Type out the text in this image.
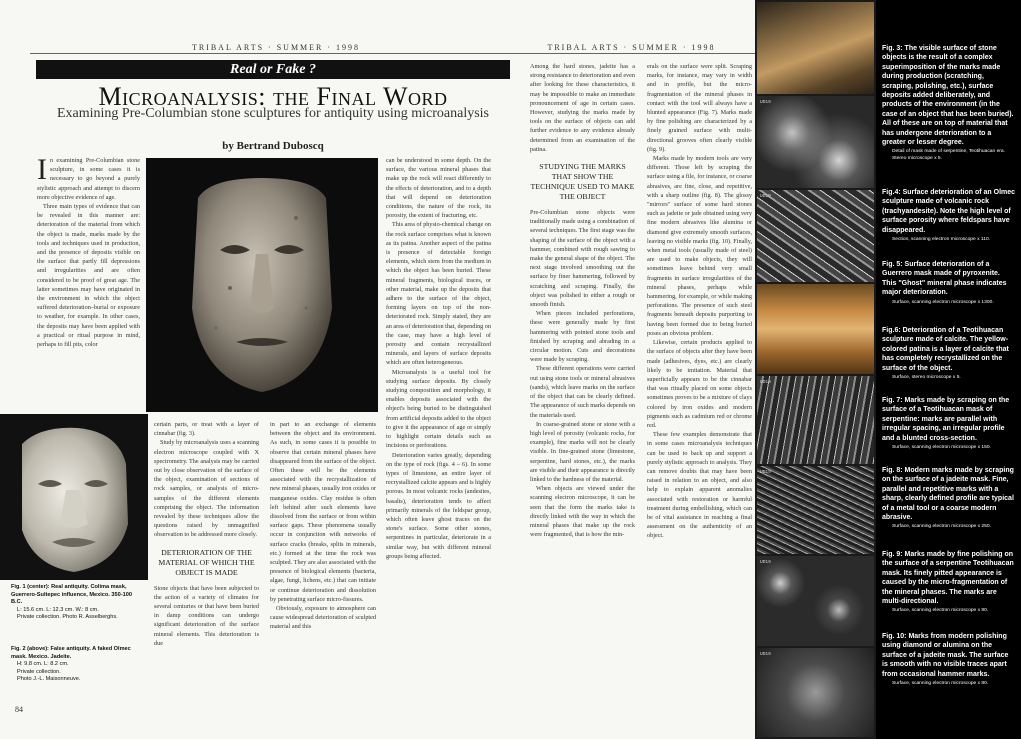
TRIBAL ARTS · SUMMER · 1998
Real or Fake ?
Microanalysis: the Final Word
Examining Pre-Columbian stone sculptures for antiquity using microanalysis
by Bertrand Duboscq
I n examining Pre-Columbian stone sculpture, in some cases it is necessary to go beyond a purely stylistic approach and attempt to discern more objective evidence of age.

Three main types of evidence that can be revealed in this manner are: deterioration of the material from which the object is made, marks made by the tools and techniques used in production, and the presence of deposits visible on the surface that partly fill depressions and irregularities and are often considered to be proof of great age. The latter sometimes may have originated in the environment in which the object suffered deterioration–burial or exposure to weather, for example. In other cases, the deposits may have been applied with a practical or ritual purpose in mind, perhaps to fill pits, color

can be understood in some depth. On the surface, the various mineral phases that make up the rock will react differently to the effects of deterioration, and to a depth that will depend on deterioration conditions, the nature of the rock, its porosity, the extent of fracturing, etc.

This area of physio-chemical change on the rock surface comprises what is known as its patina. Another aspect of the patina is presence of detectable foreign elements, which stem from the medium in which the object has been buried. These mineral fragments, biological traces, or other material, make up the deposits that adhere to the surface of the object, forming layers on top of the non-deteriorated rock. Simply stated, they are an area of deterioration that, depending on the case, may have a high level of porosity and contain recrystallized minerals, and layers of surface deposits which are often heterogeneous.

Microanalysis is a useful tool for studying surface deposits. By closely studying composition and morphology, it enables deposits associated with the object's being buried to be distinguished from artificial deposits added to the object to give it the appearance of age or simply to highlight certain details such as incisions or perforations.

Deterioration varies greatly, depending on the type of rock (figs. 4 – 6). In some types of limestone, an entire layer of recrystallized calcite appears and is highly porous. In most volcanic rocks (andesites, basalts), deterioration tends to affect primarily minerals of the feldspar group, which often leave ghost traces on the stone's surface. Some other stones, serpentines in particular, deteriorate in a similar way, but with different mineral groups being affected.

Fig. 1 (center): Real antiquity. Colima mask, Guerrero-Sultepec influence, Mexico. 350-100 B.C.
L: 15.6 cm. L: 12.3 cm. W.: 8 cm.
Private collection. Photo R. Asselberghs.
Fig. 2 (above): False antiquity. A faked Olmec mask. Mexico. Jadeite.
H: 9.8 cm. L: 8.2 cm.
Private collection.
Photo J.-L. Maisonneuve.

certain parts, or treat with a layer of cinnabar (fig. 3).

Study by microanalysis uses a scanning electron microscope coupled with X spectrometry. The analysis may be carried out by close observation of the surface of the object, examination of sections of rock samples, or analysis of micro-samples of the different elements comprising the object. The information revealed by these techniques allow the questions raised by unmagnified observation to be addressed more closely.

DETERIORATION OF THE MATERIAL OF WHICH THE OBJECT IS MADE

Stone objects that have been subjected to the action of a variety of climates for several centuries or that have been buried in damp conditions can undergo significant deterioration of the surface mineral elements. This deterioration is due

in part to an exchange of elements between the object and its environment. As such, in some cases it is possible to observe that certain mineral phases have disappeared from the surface of the object. Often these will be the elements associated with the recrystallization of new mineral phases, usually iron oxides or manganese oxides. Clay residue is often left behind after such elements have dissolved from the surface or from within surface gaps. These phenomena usually occur in conjunction with networks of surface cracks (breaks, splits in minerals, etc.) formed at the time the rock was sculpted. They are also associated with the presence of biological elements (bacteria, algae, fungi, lichens, etc.) that can initiate or continue deterioration and dissolution by penetrating surface micro-fissures.

Obviously, exposure to atmosphere can cause widespread deterioration of sculpted material and this

84
TRIBAL ARTS · SUMMER · 1998

Among the hard stones, jadeite has a strong resistance to deterioration and even after looking for these characteristics, it may be impossible to make an immediate pronouncement of age in certain cases. However, studying the marks made by tools on the surface of objects can add further evidence to any evidence already determined from an examination of the patina.

STUDYING THE MARKS THAT SHOW THE TECHNIQUE USED TO MAKE THE OBJECT

Pre-Columbian stone objects were traditionally made using a combination of several techniques. The first stage was the shaping of the surface of the object with a hammer, combined with rough sawing to make the general shape of the object. The next stage involved smoothing out the surface by finer hammering, followed by scratching and scraping. Finally, the object was polished to either a rough or smooth finish.

When pieces included perforations, these were generally made by first hammering with pointed stone tools and finished by scraping and abrading in a circular motion. Cuts and decorations were made by scraping.

These different operations were carried out using stone tools or mineral abrasives (sands), which leave marks on the surface of the object that can be clearly defined. The appearance of such marks depends on the materials used.

In coarse-grained stone or stone with a high level of porosity (volcanic rocks, for example), fine marks will not be clearly visible. In fine-grained stone (limestone, serpentine, hard stones, etc.), the marks are visible and their appearance is directly linked to the hardness of the material.

When objects are viewed under the scanning electron microscope, it can be seen that the form the marks take is directly linked with the way in which the mineral phases that make up the rock were fragmented, that is how the min-

erals on the surface were split. Scraping marks, for instance, may vary in width and in profile, but the micro-fragmentation of the mineral phases in contact with the tool will always have a blunted appearance (Fig. 7). Marks made by fine polishing are characterized by a finely grained surface with multi-directional grooves often clearly visible (fig. 9).

Marks made by modern tools are very different. Those left by scraping the surface using a file, for instance, or coarse abrasives, are fine, close, and repetitive, with a sharp outline (fig. 8). The glossy "mirrors" surface of some hard stones such as jadeite or jade obtained using very fine modern abrasives like alumina or diamond give extremely smooth surfaces, leaving no visible marks (fig. 10). Finally, when metal tools (usually made of steel) are used to make objects, they will sometimes leave behind very small fragments in surface irregularities of the mineral phases, perhaps while hammering, for example, or while making perforations. The presence of such steel fragments beneath deposits purporting to having been formed due to being buried poses an obvious problem.

Likewise, certain products applied to the surface of objects after they have been made (adhesives, dyes, etc.) are clearly likely to be imitation. Material that superficially appears to be the cinnabar that was ritually placed on some objects sometimes proves to be a mixture of clays colored by iron oxides and modern pigments such as cadmium red or chrome red.

These few examples demonstrate that in some cases microanalysis techniques can be used to back up and support a purely stylistic approach to analysis. They can remove doubts that may have been raised in relation to an object, and also help to explain apparent anomalies associated with restoration or harmful treatment during embellishing, which can be of vital assistance in reaching a final assessment on the authenticity of an object.

UD19
UD19
UD19
UD19
UD19
UD19
Fig. 3: The visible surface of stone objects is the result of a complex superimposition of the marks made during production (scratching, scraping, polishing, etc.), surface deposits added deliberately, and products of the environment (in the case of an object that has been buried). All of these are on top of material that has undergone deterioration to a greater or lesser degree.
Detail of mask made of serpentine, Teotihuacan era. Stereo microscope x 5.
Fig.4: Surface deterioration of an Olmec sculpture made of volcanic rock (trachyandesite). Note the high level of surface porosity where feldspars have disappeared.
Section, scanning electron microscope x 110.
Fig. 5: Surface deterioration of a Guerrero mask made of pyroxenite. This "Ghost" mineral phase indicates major deterioration.
Surface, scanning electron microscope x 1300.
Fig.6: Deterioration of a Teotihuacan sculpture made of calcite. The yellow-colored patina is a layer of calcite that has completely recrystallized on the surface of the object.
Surface, stereo microscope x 5.
Fig. 7: Marks made by scraping on the surface of a Teotihuacan mask of serpentine: marks are parallel with irregular spacing, an irregular profile and a blunted cross-section.
Surface, scanning electron microscope x 150.
Fig. 8: Modern marks made by scraping on the surface of a jadeite mask. Fine, parallel and repetitive marks with a sharp, clearly defined profile are typical of a metal tool or a coarse modern abrasive.
Surface, scanning electron microscope x 250.
Fig. 9: Marks made by fine polishing on the surface of a serpentine Teotihuacan mask. Its finely pitted appearance is caused by the micro-fragmentation of the mineral phases. The marks are multi-directional.
Surface, scanning electron microscope x 80.
Fig. 10: Marks from modern polishing using diamond or alumina on the surface of a jadeite mask. The surface is smooth with no visible traces apart from occasional hammer marks.
Surface, scanning electron microscope x 80.
